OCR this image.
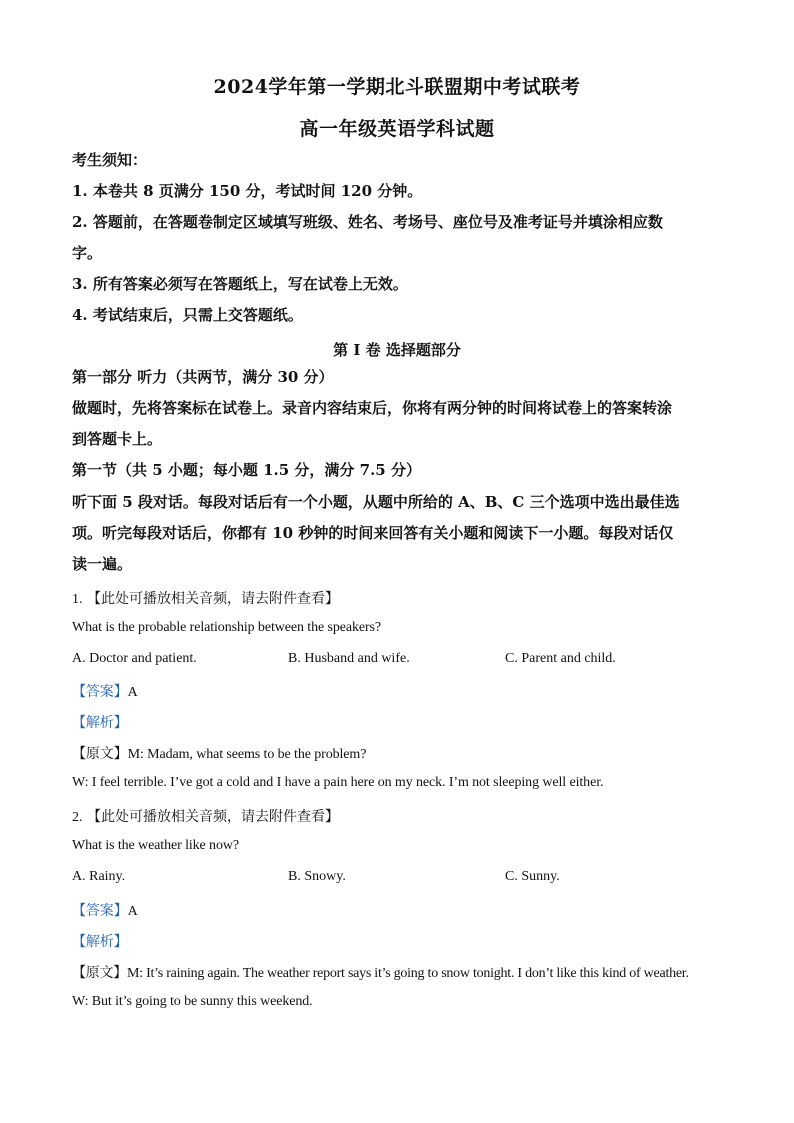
2024学年第一学期北斗联盟期中考试联考
高一年级英语学科试题
考生须知：
1. 本卷共 8 页满分 150 分，考试时间 120 分钟。
2. 答题前，在答题卷制定区域填写班级、姓名、考场号、座位号及准考证号并填涂相应数
字。
3. 所有答案必须写在答题纸上，写在试卷上无效。
4. 考试结束后，只需上交答题纸。
第 I 卷 选择题部分
第一部分 听力（共两节，满分 30 分）
做题时，先将答案标在试卷上。录音内容结束后，你将有两分钟的时间将试卷上的答案转涂
到答题卡上。
第一节（共 5 小题；每小题 1.5 分，满分 7.5 分）
听下面 5 段对话。每段对话后有一个小题，从题中所给的 A、B、C 三个选项中选出最佳选
项。听完每段对话后，你都有 10 秒钟的时间来回答有关小题和阅读下一小题。每段对话仅
读一遍。
1. 【此处可播放相关音频，请去附件查看】
What is the probable relationship between the speakers?
A. Doctor and patient.	B. Husband and wife.	C. Parent and child.
【答案】A
【解析】
【原文】M: Madam, what seems to be the problem?
W: I feel terrible. I’ve got a cold and I have a pain here on my neck. I’m not sleeping well either.
2. 【此处可播放相关音频，请去附件查看】
What is the weather like now?
A. Rainy.	B. Snowy.	C. Sunny.
【答案】A
【解析】
【原文】M: It’s raining again. The weather report says it’s going to snow tonight. I don’t like this kind of weather.
W: But it’s going to be sunny this weekend.
